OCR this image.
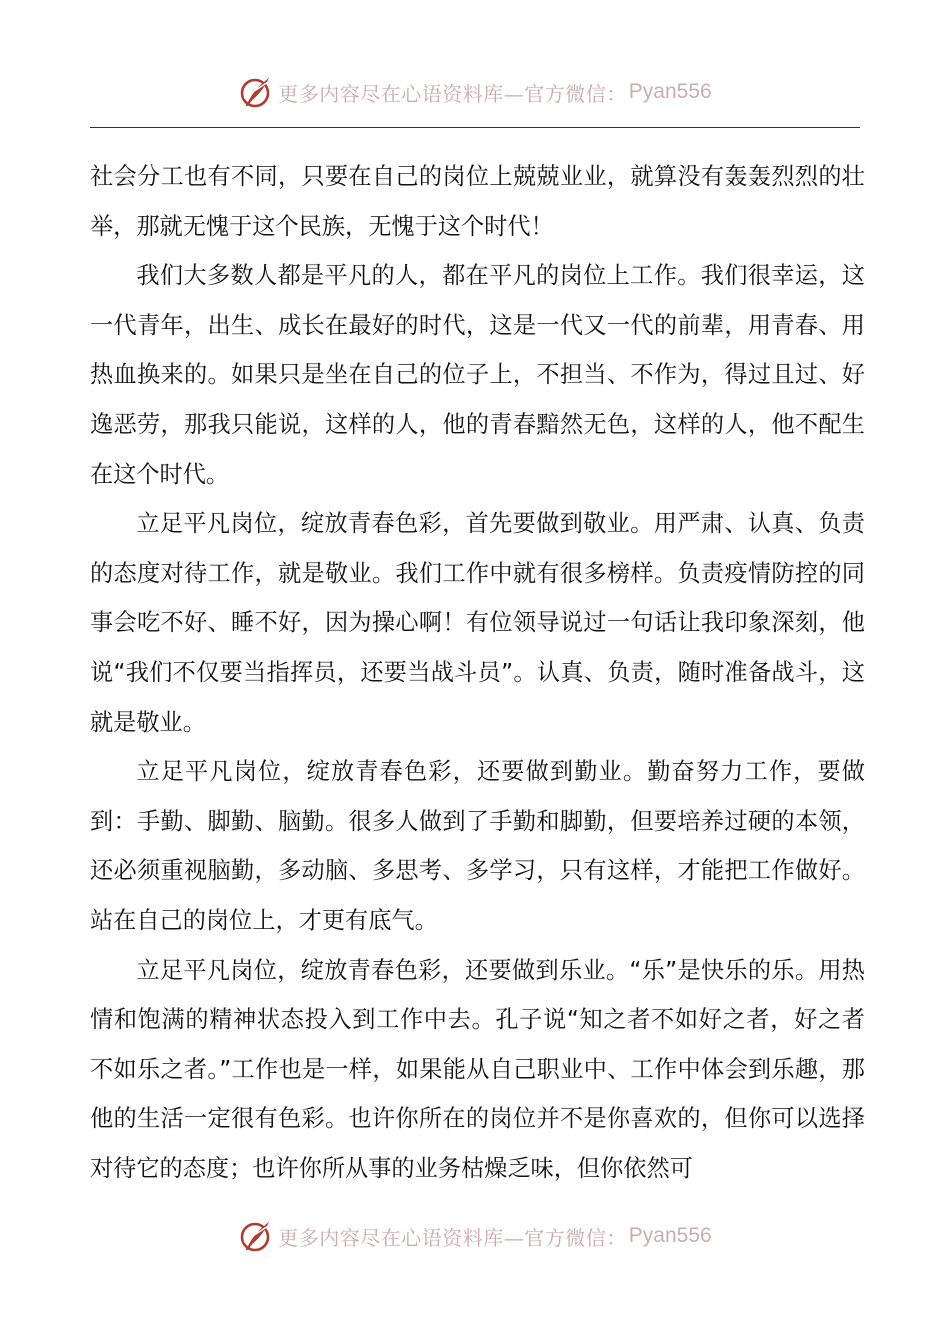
更多内容尽在心语资料库—官方微信： Pyan556

社会分工也有不同，只要在自己的岗位上兢兢业业，就算没有轰轰烈烈的壮举，那就无愧于这个民族，无愧于这个时代！

我们大多数人都是平凡的人，都在平凡的岗位上工作。我们很幸运，这一代青年，出生、成长在最好的时代，这是一代又一代的前辈，用青春、用热血换来的。如果只是坐在自己的位子上，不担当、不作为，得过且过、好逸恶劳，那我只能说，这样的人，他的青春黯然无色，这样的人，他不配生在这个时代。

立足平凡岗位，绽放青春色彩，首先要做到敬业。用严肃、认真、负责的态度对待工作，就是敬业。我们工作中就有很多榜样。负责疫情防控的同事会吃不好、睡不好，因为操心啊！有位领导说过一句话让我印象深刻，他说“我们不仅要当指挥员，还要当战斗员”。认真、负责，随时准备战斗，这就是敬业。

立足平凡岗位，绽放青春色彩，还要做到勤业。勤奋努力工作，要做到：手勤、脚勤、脑勤。很多人做到了手勤和脚勤，但要培养过硬的本领，还必须重视脑勤，多动脑、多思考、多学习，只有这样，才能把工作做好。站在自己的岗位上，才更有底气。

立足平凡岗位，绽放青春色彩，还要做到乐业。“乐”是快乐的乐。用热情和饱满的精神状态投入到工作中去。孔子说“知之者不如好之者，好之者不如乐之者。”工作也是一样，如果能从自己职业中、工作中体会到乐趣，那他的生活一定很有色彩。也许你所在的岗位并不是你喜欢的，但你可以选择对待它的态度；也许你所从事的业务枯燥乏味，但你依然可

更多内容尽在心语资料库—官方微信： Pyan556
